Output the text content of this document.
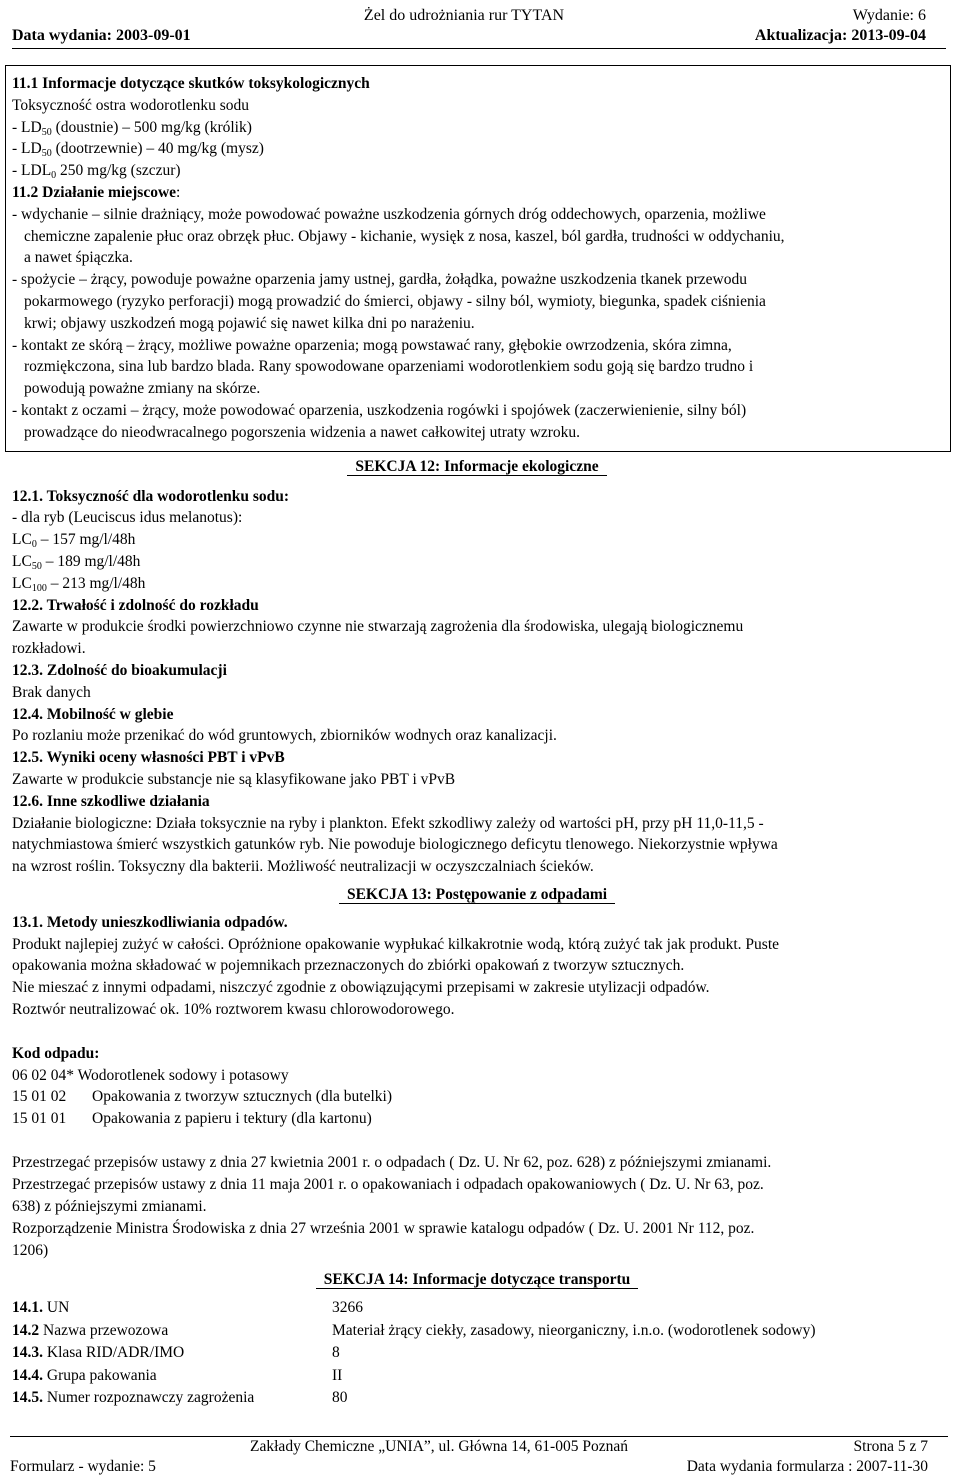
Żel do udrożniania rur TYTAN	Wydanie: 6
Data wydania: 2003-09-01	Aktualizacja: 2013-09-04
11.1 Informacje dotyczące skutków toksykologicznych
Toksyczność ostra wodorotlenku sodu
- $LD_{50}$ (doustnie) – 500 mg/kg (królik)
- $LD_{50}$ (dootrzewnie) – 40 mg/kg (mysz)
- $LDL_0$ 250 mg/kg (szczur)
11.2 Działanie miejscowe:
- wdychanie – silnie drażniący, może powodować poważne uszkodzenia górnych dróg oddechowych, oparzenia, możliwe
chemiczne zapalenie płuc oraz obrzęk płuc. Objawy - kichanie, wysięk z nosa, kaszel, ból gardła, trudności w oddychaniu,
a nawet śpiączka.
- spożycie – żrący, powoduje poważne oparzenia jamy ustnej, gardła, żołądka, poważne uszkodzenia tkanek przewodu
pokarmowego (ryzyko perforacji) mogą prowadzić do śmierci, objawy - silny ból, wymioty, biegunka, spadek ciśnienia
krwi; objawy uszkodzeń mogą pojawić się nawet kilka dni po narażeniu.
- kontakt ze skórą – żrący, możliwe poważne oparzenia; mogą powstawać rany, głębokie owrzodzenia, skóra zimna,
rozmiękczona, sina lub bardzo blada. Rany spowodowane oparzeniami wodorotlenkiem sodu goją się bardzo trudno i
powodują poważne zmiany na skórze.
- kontakt z oczami – żrący, może powodować oparzenia, uszkodzenia rogówki i spojówek (zaczerwienienie, silny ból)
prowadzące do nieodwracalnego pogorszenia widzenia a nawet całkowitej utraty wzroku.
SEKCJA 12: Informacje ekologiczne
12.1. Toksyczność dla wodorotlenku sodu:
- dla ryb (Leuciscus idus melanotus):
$LC_0 - 157$ mg/l/48h
$LC_{50} - 189$ mg/l/48h
$LC_{100} - 213$ mg/l/48h
12.2. Trwałość i zdolność do rozkładu
Zawarte w produkcie środki powierzchniowo czynne nie stwarzają zagrożenia dla środowiska, ulegają biologicznemu
rozkładowi.
12.3. Zdolność do bioakumulacji
Brak danych
12.4. Mobilność w glebie
Po rozlaniu może przenikać do wód gruntowych, zbiorników wodnych oraz kanalizacji.
12.5. Wyniki oceny własności PBT i vPvB
Zawarte w produkcie substancje nie są klasyfikowane jako PBT i vPvB
12.6. Inne szkodliwe działania
Działanie biologiczne: Działa toksycznie na ryby i plankton. Efekt szkodliwy zależy od wartości pH, przy pH 11,0-11,5 -
natychmiastowa śmierć wszystkich gatunków ryb. Nie powoduje biologicznego deficytu tlenowego. Niekorzystnie wpływa
na wzrost roślin. Toksyczny dla bakterii. Możliwość neutralizacji w oczyszczalniach ścieków.
SEKCJA 13: Postępowanie z odpadami
13.1. Metody unieszkodliwiania odpadów.
Produkt najlepiej zużyć w całości. Opróżnione opakowanie wypłukać kilkakrotnie wodą, którą zużyć tak jak produkt. Puste
opakowania można składować w pojemnikach przeznaczonych do zbiórki opakowań z tworzyw sztucznych.
Nie mieszać z innymi odpadami, niszczyć zgodnie z obowiązującymi przepisami w zakresie utylizacji odpadów.
Roztwór neutralizować ok. 10% roztworem kwasu chlorowodorowego.
Kod odpadu:
06 02 04* Wodorotlenek sodowy i potasowy
15 01 02	Opakowania z tworzyw sztucznych (dla butelki)
15 01 01	Opakowania z papieru i tektury (dla kartonu)
Przestrzegać przepisów ustawy z dnia 27 kwietnia 2001 r. o odpadach ( Dz. U. Nr 62, poz. 628) z późniejszymi zmianami.
Przestrzegać przepisów ustawy z dnia 11 maja 2001 r. o opakowaniach i odpadach opakowaniowych ( Dz. U. Nr 63, poz.
638) z późniejszymi zmianami.
Rozporządzenie Ministra Środowiska z dnia 27 września 2001 w sprawie katalogu odpadów ( Dz. U. 2001 Nr 112, poz.
1206)
SEKCJA 14: Informacje dotyczące transportu
14.1. UN	3266
14.2 Nazwa przewozowa	Materiał żrący ciekły, zasadowy, nieorganiczny, i.n.o. (wodorotlenek sodowy)
14.3. Klasa RID/ADR/IMO	8
14.4. Grupa pakowania	II
14.5. Numer rozpoznawczy zagrożenia	80
Zakłady Chemiczne „UNIA”, ul. Główna 14, 61-005 Poznań	Strona 5 z 7
Formularz - wydanie: 5	Data wydania formularza : 2007-11-30
